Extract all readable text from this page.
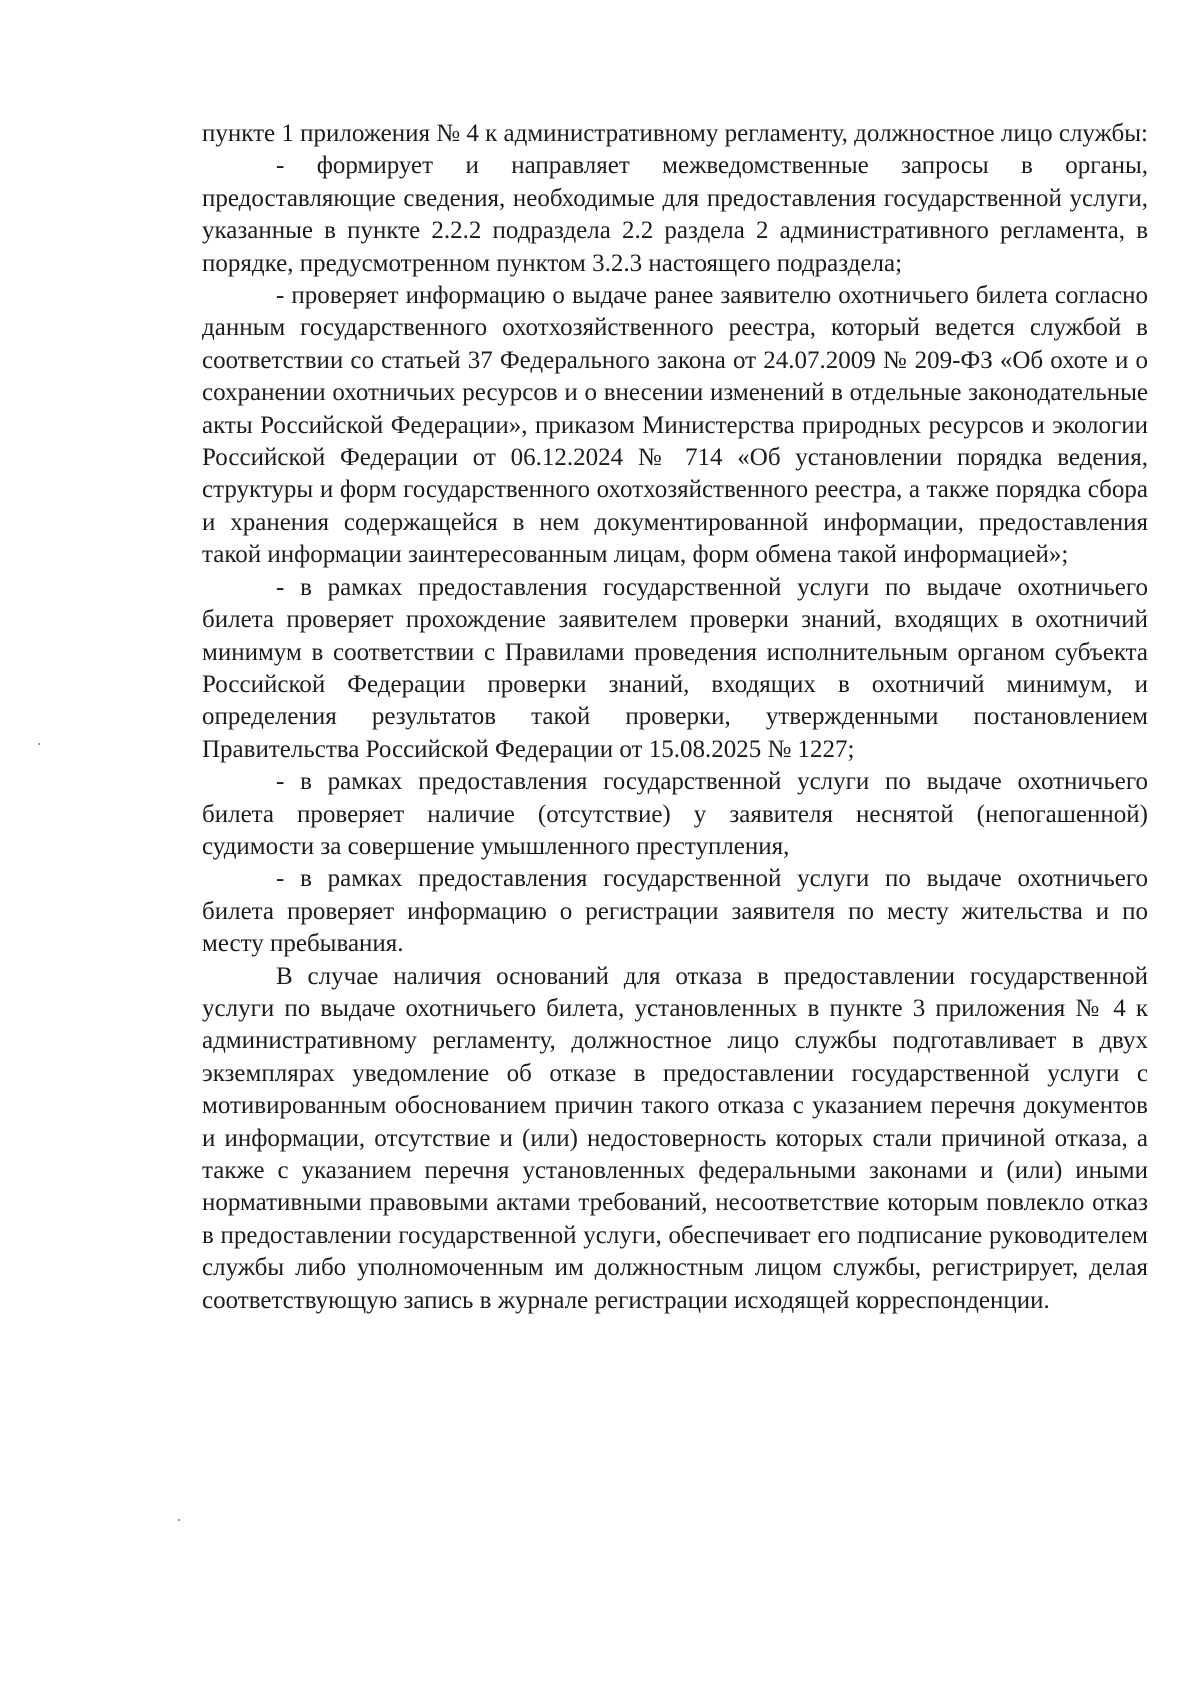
пункте 1 приложения № 4 к административному регламенту, должностное лицо службы:

- формирует и направляет межведомственные запросы в органы, предоставляющие сведения, необходимые для предоставления государственной услуги, указанные в пункте 2.2.2 подраздела 2.2 раздела 2 административного регламента, в порядке, предусмотренном пунктом 3.2.3 настоящего подраздела;

- проверяет информацию о выдаче ранее заявителю охотничьего билета согласно данным государственного охотхозяйственного реестра, который ведется службой в соответствии со статьей 37 Федерального закона от 24.07.2009 № 209-ФЗ «Об охоте и о сохранении охотничьих ресурсов и о внесении изменений в отдельные законодательные акты Российской Федерации», приказом Министерства природных ресурсов и экологии Российской Федерации от 06.12.2024 № 714 «Об установлении порядка ведения, структуры и форм государственного охотхозяйственного реестра, а также порядка сбора и хранения содержащейся в нем документированной информации, предоставления такой информации заинтересованным лицам, форм обмена такой информацией»;

- в рамках предоставления государственной услуги по выдаче охотничьего билета проверяет прохождение заявителем проверки знаний, входящих в охотничий минимум в соответствии с Правилами проведения исполнительным органом субъекта Российской Федерации проверки знаний, входящих в охотничий минимум, и определения результатов такой проверки, утвержденными постановлением Правительства Российской Федерации от 15.08.2025 № 1227;

- в рамках предоставления государственной услуги по выдаче охотничьего билета проверяет наличие (отсутствие) у заявителя неснятой (непогашенной) судимости за совершение умышленного преступления,

- в рамках предоставления государственной услуги по выдаче охотничьего билета проверяет информацию о регистрации заявителя по месту жительства и по месту пребывания.

В случае наличия оснований для отказа в предоставлении государственной услуги по выдаче охотничьего билета, установленных в пункте 3 приложения № 4 к административному регламенту, должностное лицо службы подготавливает в двух экземплярах уведомление об отказе в предоставлении государственной услуги с мотивированным обоснованием причин такого отказа с указанием перечня документов и информации, отсутствие и (или) недостоверность которых стали причиной отказа, а также с указанием перечня установленных федеральными законами и (или) иными нормативными правовыми актами требований, несоответствие которым повлекло отказ в предоставлении государственной услуги, обеспечивает его подписание руководителем службы либо уполномоченным им должностным лицом службы, регистрирует, делая соответствующую запись в журнале регистрации исходящей корреспонденции.
